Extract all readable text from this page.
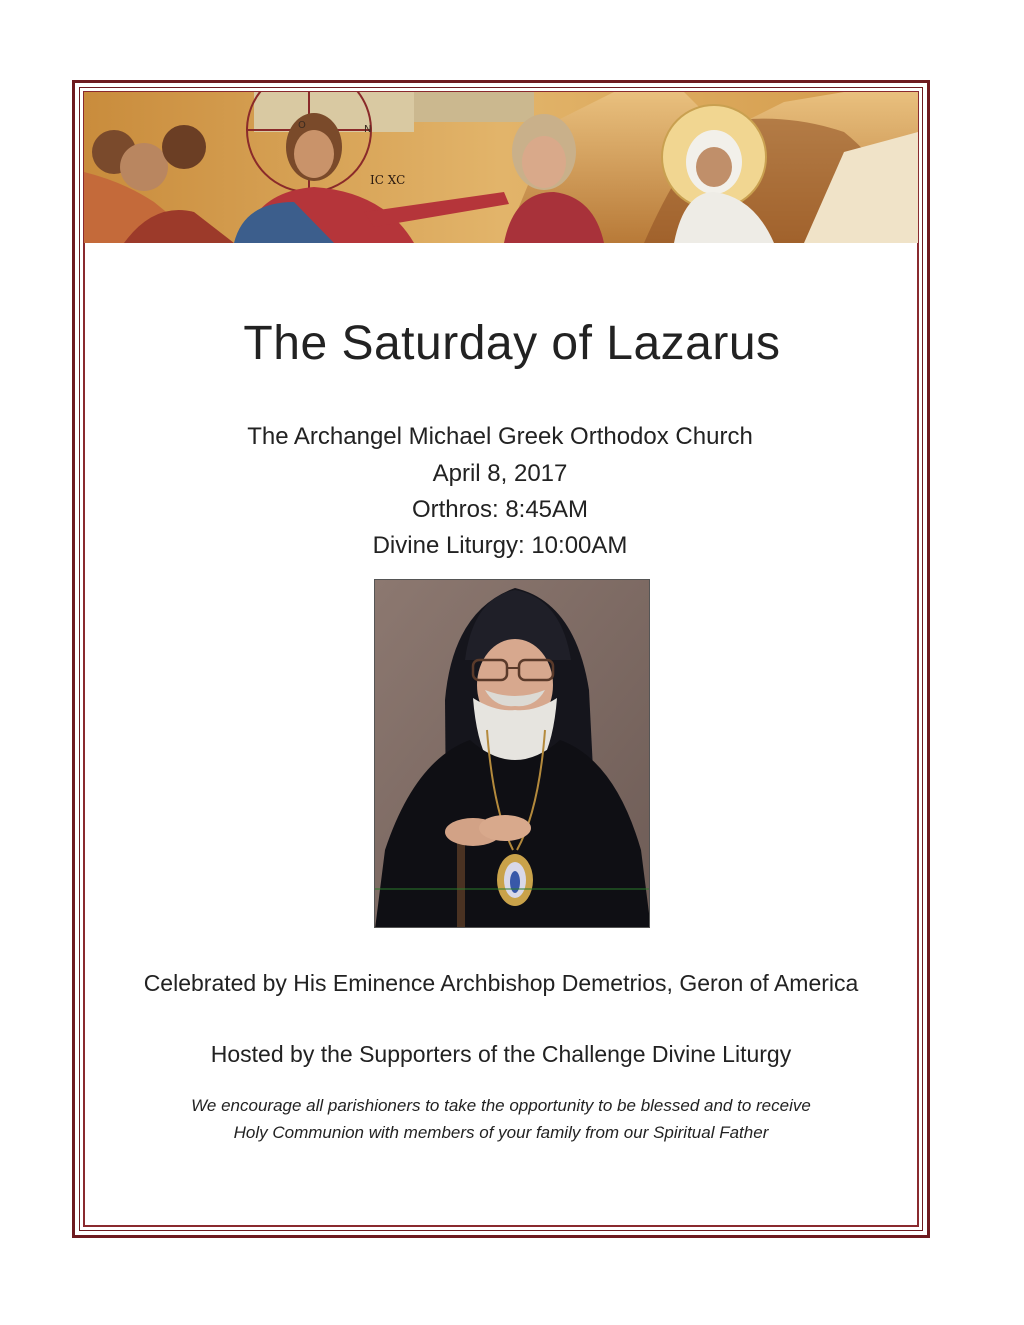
O	N
IC XC
The Saturday of Lazarus
The Archangel Michael Greek Orthodox Church
April 8, 2017
Orthros: 8:45AM
Divine Liturgy: 10:00AM
Celebrated by His Eminence Archbishop Demetrios, Geron of America
Hosted by the Supporters of the Challenge Divine Liturgy
We encourage all parishioners to take the opportunity to be blessed and to receive
Holy Communion with members of your family from our Spiritual Father
